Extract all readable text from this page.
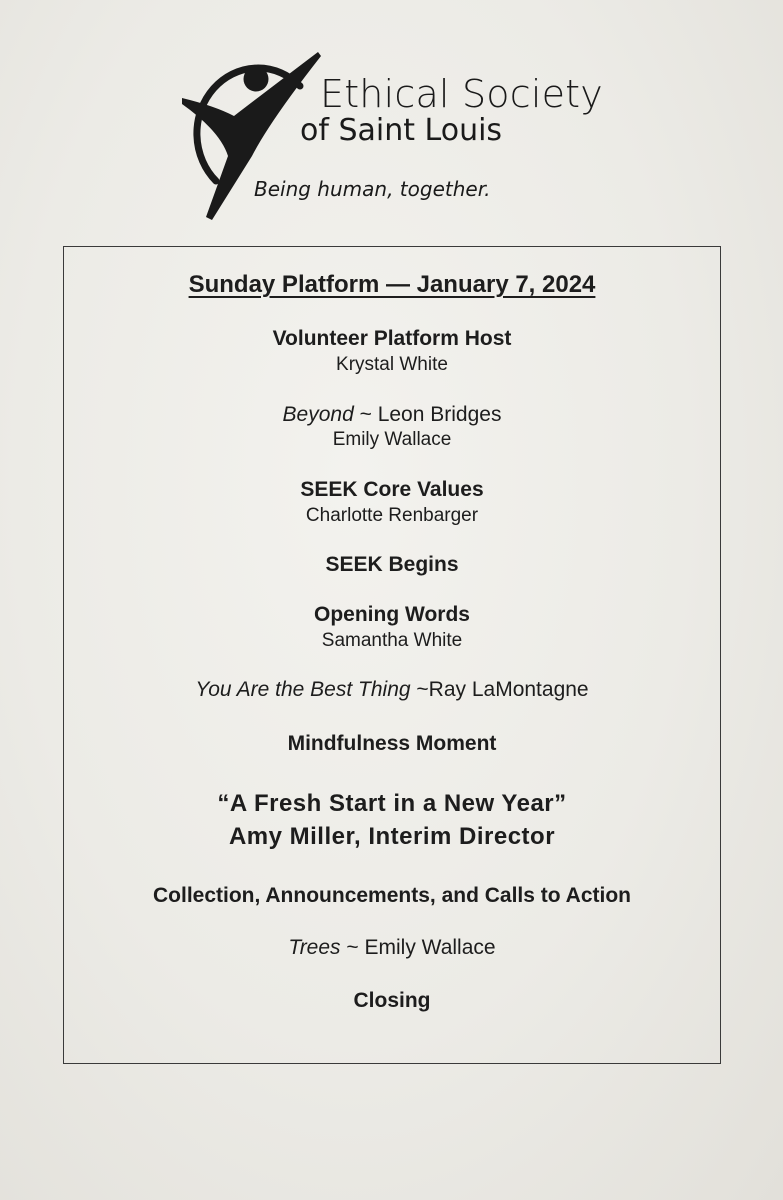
Ethical Society
of Saint Louis
Being human, together.
Sunday Platform — January 7, 2024
Volunteer Platform Host
Krystal White
Beyond ~ Leon Bridges
Emily Wallace
SEEK Core Values
Charlotte Renbarger
SEEK Begins
Opening Words
Samantha White
You Are the Best Thing ~Ray LaMontagne
Mindfulness Moment
“A Fresh Start in a New Year”
Amy Miller, Interim Director
Collection, Announcements, and Calls to Action
Trees ~ Emily Wallace
Closing
